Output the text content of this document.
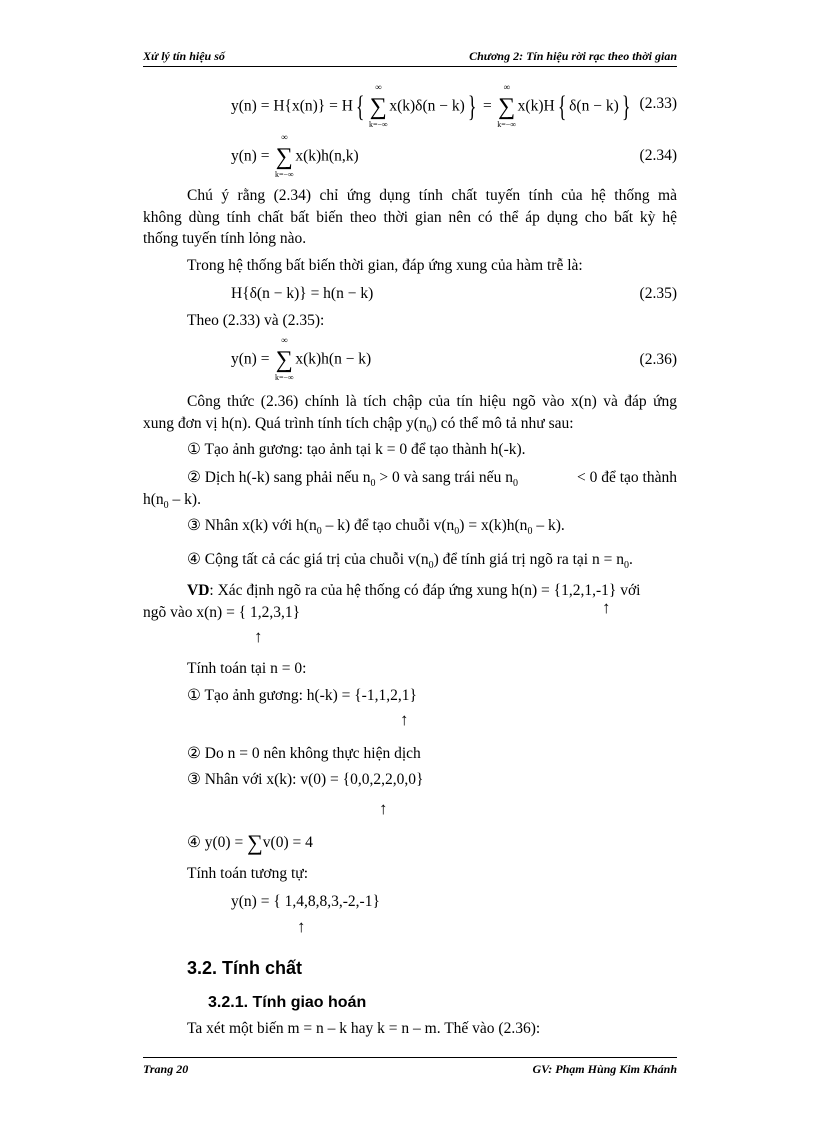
Xử lý tín hiệu số	Chương 2: Tín hiệu rời rạc theo thời gian
y(n) = H{x(n)} = H{
∞
∑
k=−∞
x(k)δ(n − k)} =
∞
∑
k=−∞
x(k)H{ δ(n − k)} (2.33)
y(n) =
∞
∑
k=−∞
x(k)h(n,k)	(2.34)
Chú ý rằng (2.34) chỉ ứng dụng tính chất tuyến tính của hệ thống mà
không dùng tính chất bất biến theo thời gian nên có thể áp dụng cho bất kỳ hệ
thống tuyến tính lỏng nào.
Trong hệ thống bất biến thời gian, đáp ứng xung của hàm trễ là:
H{δ(n − k)} = h(n − k)	(2.35)
Theo (2.33) và (2.35):
y(n) =
∞
∑
k=−∞
x(k)h(n − k)	(2.36)
Công thức (2.36) chính là tích chập của tín hiệu ngõ vào x(n) và đáp ứng
xung đơn vị h(n). Quá trình tính tích chập $y(n_0)$ có thể mô tả như sau:
① Tạo ảnh gương: tạo ảnh tại k = 0 để tạo thành h(-k).
② Dịch h(-k) sang phải nếu $n_0 > 0$ và sang trái nếu $n_0$	< 0 để tạo thành
$h(n_0 - k)$.
③ Nhân x(k) với $h(n_0 - k)$ để tạo chuỗi $v(n_0) = x(k)h(n_0 - k)$.
④ Cộng tất cả các giá trị của chuỗi $v(n_0)$ để tính giá trị ngõ ra tại $n = n_0$.
VD: Xác định ngõ ra của hệ thống có đáp ứng xung h(n) = {1,2,1,-1} với
ngõ vào x(n) = { 1,2,3,1}	↑
↑
Tính toán tại n = 0:
① Tạo ảnh gương: h(-k) = {-1,1,2,1}
↑
② Do n = 0 nên không thực hiện dịch
③ Nhân với x(k): v(0) = {0,0,2,2,0,0}
↑
④ y(0) = ∑v(0) = 4
Tính toán tương tự:
y(n) = { 1,4,8,8,3,-2,-1}
↑
3.2. Tính chất
3.2.1. Tính giao hoán
Ta xét một biến m = n – k hay k = n – m. Thế vào (2.36):
Trang 20	GV: Phạm Hùng Kim Khánh
